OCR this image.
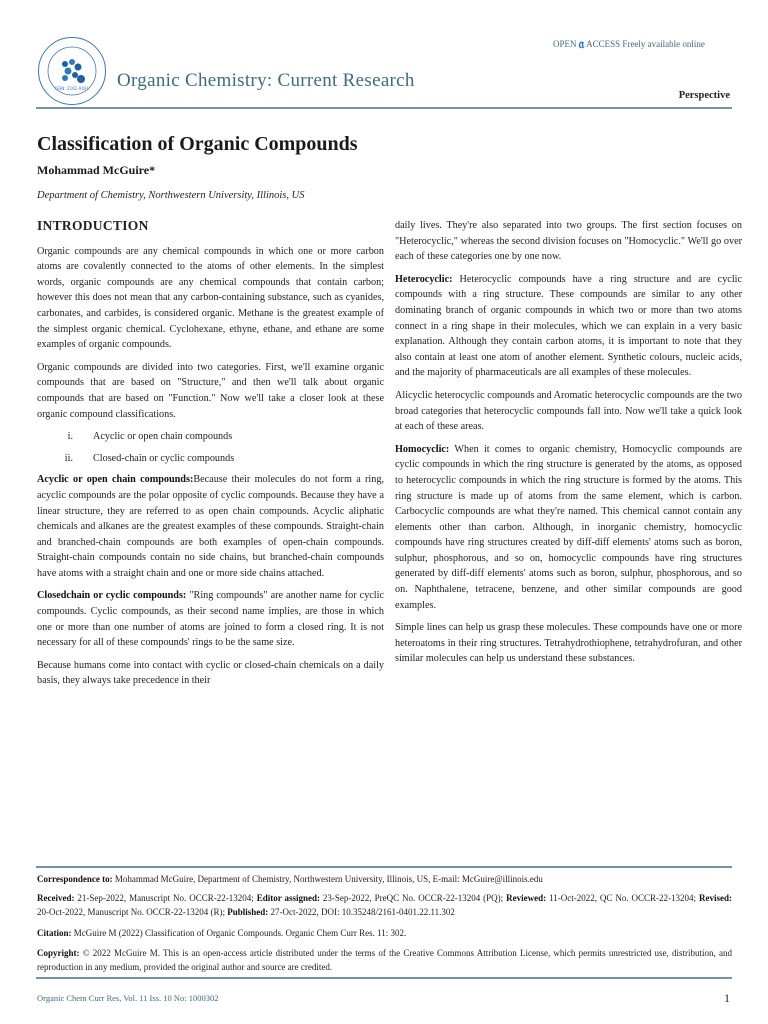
ISSN: 2161-0401 Organic Chemistry: Current Research
OPEN 𝔞 ACCESS Freely available online
Perspective
Classification of Organic Compounds
Mohammad McGuire*
Department of Chemistry, Northwestern University, Illinois, US
INTRODUCTION

Organic compounds are any chemical compounds in which one or more carbon atoms are covalently connected to the atoms of other elements. In the simplest words, organic compounds are any chemical compounds that contain carbon; however this does not mean that any carbon-containing substance, such as cyanides, carbonates, and carbides, is considered organic. Methane is the greatest example of the simplest organic chemical. Cyclohexane, ethyne, ethane, and ethane are some examples of organic compounds.

Organic compounds are divided into two categories. First, we'll examine organic compounds that are based on "Structure," and then we'll talk about organic compounds that are based on "Function." Now we'll take a closer look at these organic compound classifications.

i.	Acyclic or open chain compounds
ii.	Closed-chain or cyclic compounds

Acyclic or open chain compounds:Because their molecules do not form a ring, acyclic compounds are the polar opposite of cyclic compounds. Because they have a linear structure, they are referred to as open chain compounds. Acyclic aliphatic chemicals and alkanes are the greatest examples of these compounds. Straight-chain and branched-chain compounds are both examples of open-chain compounds. Straight-chain compounds contain no side chains, but branched-chain compounds have atoms with a straight chain and one or more side chains attached.

Closedchain or cyclic compounds: "Ring compounds" are another name for cyclic compounds. Cyclic compounds, as their second name implies, are those in which one or more than one number of atoms are joined to form a closed ring. It is not necessary for all of these compounds' rings to be the same size.

Because humans come into contact with cyclic or closed-chain chemicals on a daily basis, they always take precedence in their

daily lives. They're also separated into two groups. The first section focuses on "Heterocyclic," whereas the second division focuses on "Homocyclic." We'll go over each of these categories one by one now.

Heterocyclic: Heterocyclic compounds have a ring structure and are cyclic compounds with a ring structure. These compounds are similar to any other dominating branch of organic compounds in which two or more than two atoms connect in a ring shape in their molecules, which we can explain in a very basic explanation. Although they contain carbon atoms, it is important to note that they also contain at least one atom of another element. Synthetic colours, nucleic acids, and the majority of pharmaceuticals are all examples of these molecules.

Alicyclic heterocyclic compounds and Aromatic heterocyclic compounds are the two broad categories that heterocyclic compounds fall into. Now we'll take a quick look at each of these areas.

Homocyclic: When it comes to organic chemistry, Homocyclic compounds are cyclic compounds in which the ring structure is generated by the atoms, as opposed to heterocyclic compounds in which the ring structure is formed by the atoms. This ring structure is made up of atoms from the same element, which is carbon. Carbocyclic compounds are what they're named. This chemical cannot contain any elements other than carbon. Although, in inorganic chemistry, homocyclic compounds have ring structures created by diff-diff elements' atoms such as boron, sulphur, phosphorous, and so on, homocyclic compounds have ring structures generated by diff-diff elements' atoms such as boron, sulphur, phosphorous, and so on. Naphthalene, tetracene, benzene, and other similar compounds are good examples.

Simple lines can help us grasp these molecules. These compounds have one or more heteroatoms in their ring structures. Tetrahydrothiophene, tetrahydrofuran, and other similar molecules can help us understand these substances.

Correspondence to: Mohammad McGuire, Department of Chemistry, Northwestern University, Illinois, US, E-mail: McGuire@illinois.edu
Received: 21-Sep-2022, Manuscript No. OCCR-22-13204; Editor assigned: 23-Sep-2022, PreQC No. OCCR-22-13204 (PQ); Reviewed: 11-Oct-2022, QC No. OCCR-22-13204; Revised: 20-Oct-2022, Manuscript No. OCCR-22-13204 (R); Published: 27-Oct-2022, DOI: 10.35248/2161-0401.22.11.302
Citation: McGuire M (2022) Classification of Organic Compounds. Organic Chem Curr Res. 11: 302.
Copyright: © 2022 McGuire M. This is an open-access article distributed under the terms of the Creative Commons Attribution License, which permits unrestricted use, distribution, and reproduction in any medium, provided the original author and source are credited.
Organic Chem Curr Res, Vol. 11 Iss. 10 No: 1000302	1
